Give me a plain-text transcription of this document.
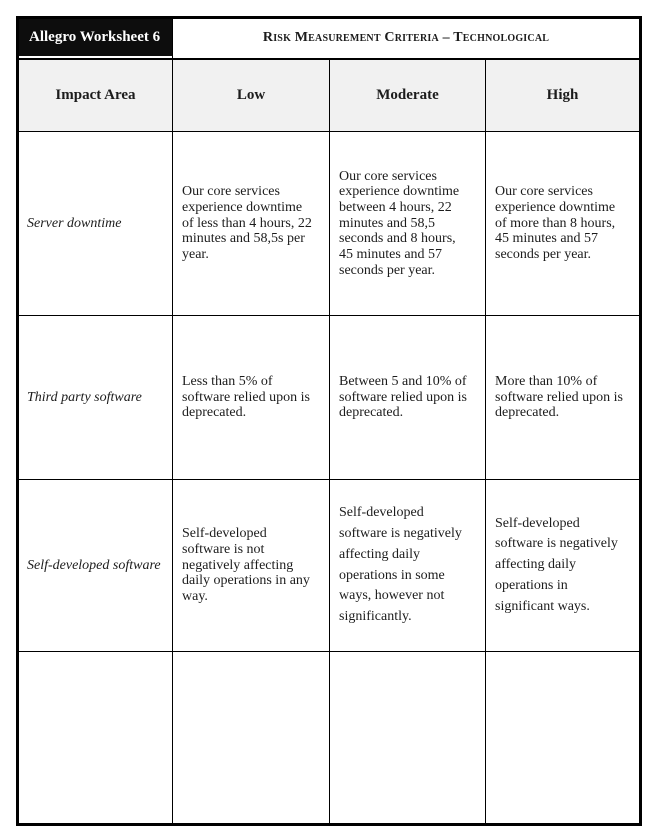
Allegro Worksheet 6	Risk Measurement Criteria – Technological		
Impact Area	Low	Moderate	High
Server downtime	Our core services experience downtime of less than 4 hours, 22 minutes and 58,5s per year.	Our core services experience downtime between 4 hours, 22 minutes and 58,5 seconds and 8 hours, 45 minutes and 57 seconds per year.	Our core services experience downtime of more than 8 hours, 45 minutes and 57 seconds per year.
Third party software	Less than 5% of software relied upon is deprecated.	Between 5 and 10% of software relied upon is deprecated.	More than 10% of software relied upon is deprecated.
Self-developed software	Self-developed software is not negatively affecting daily operations in any way.	Self-developed software is negatively affecting daily operations in some ways, however not significantly.	Self-developed software is negatively affecting daily operations in significant ways.
